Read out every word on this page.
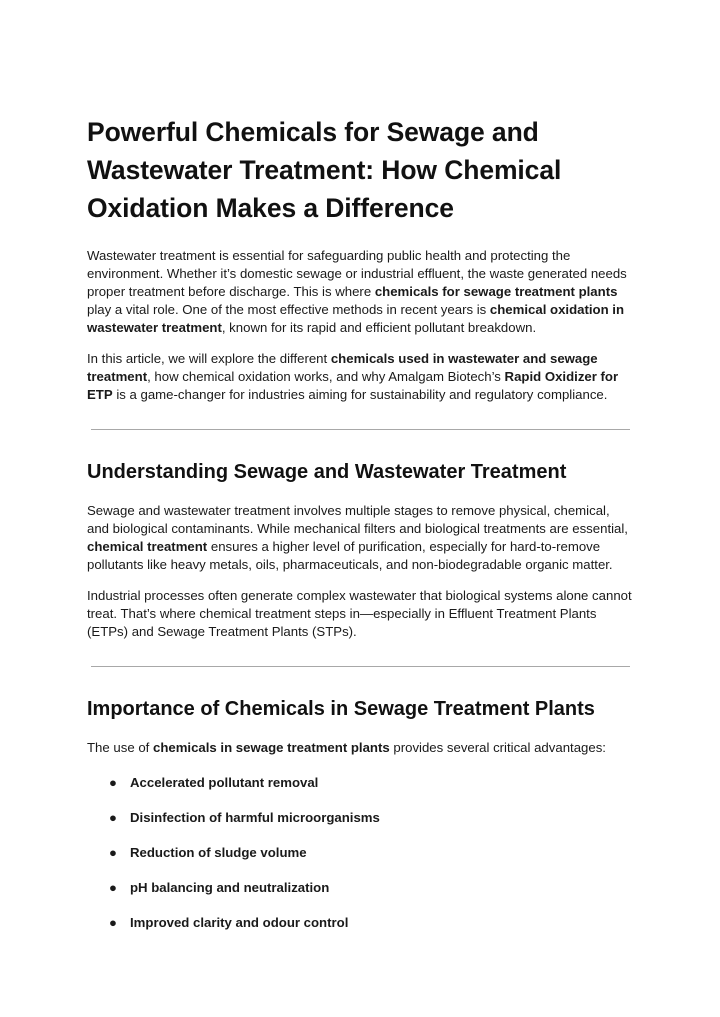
Powerful Chemicals for Sewage and Wastewater Treatment: How Chemical Oxidation Makes a Difference

Wastewater treatment is essential for safeguarding public health and protecting the environment. Whether it’s domestic sewage or industrial effluent, the waste generated needs proper treatment before discharge. This is where chemicals for sewage treatment plants play a vital role. One of the most effective methods in recent years is chemical oxidation in wastewater treatment, known for its rapid and efficient pollutant breakdown.

In this article, we will explore the different chemicals used in wastewater and sewage treatment, how chemical oxidation works, and why Amalgam Biotech’s Rapid Oxidizer for ETP is a game-changer for industries aiming for sustainability and regulatory compliance.

Understanding Sewage and Wastewater Treatment

Sewage and wastewater treatment involves multiple stages to remove physical, chemical, and biological contaminants. While mechanical filters and biological treatments are essential, chemical treatment ensures a higher level of purification, especially for hard-to-remove pollutants like heavy metals, oils, pharmaceuticals, and non-biodegradable organic matter.

Industrial processes often generate complex wastewater that biological systems alone cannot treat. That’s where chemical treatment steps in—especially in Effluent Treatment Plants (ETPs) and Sewage Treatment Plants (STPs).

Importance of Chemicals in Sewage Treatment Plants

The use of chemicals in sewage treatment plants provides several critical advantages:

● Accelerated pollutant removal
● Disinfection of harmful microorganisms
● Reduction of sludge volume
● pH balancing and neutralization
● Improved clarity and odour control
